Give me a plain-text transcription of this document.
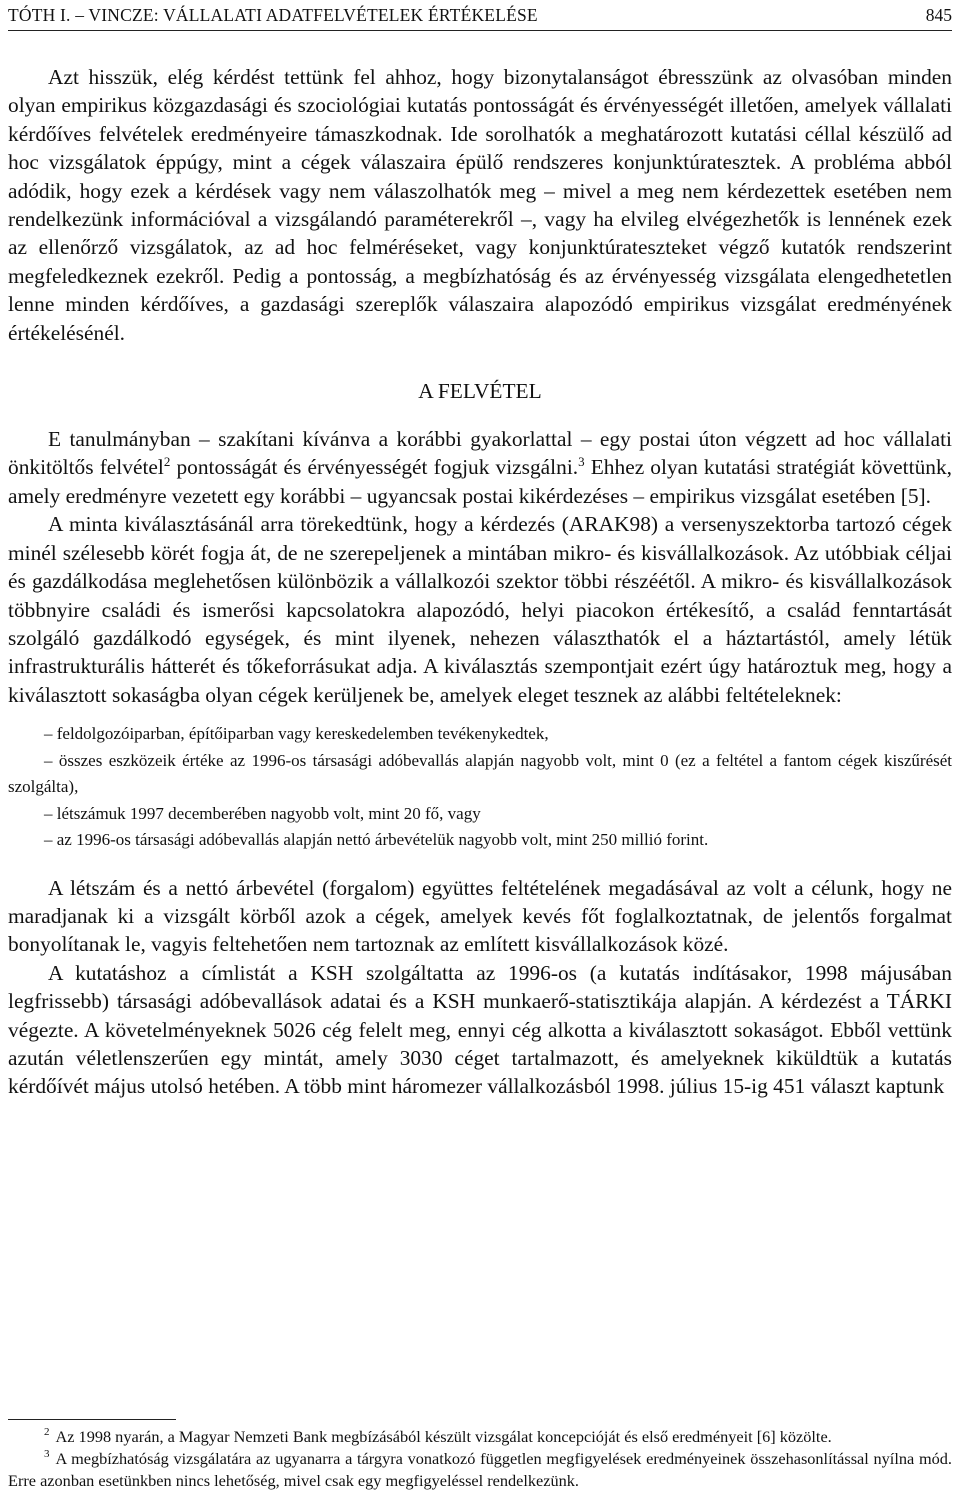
TÓTH I. – VINCZE: VÁLLALATI ADATFELVÉTELEK ÉRTÉKELÉSE	845

Azt hisszük, elég kérdést tettünk fel ahhoz, hogy bizonytalanságot ébresszünk az olvasóban minden olyan empirikus közgazdasági és szociológiai kutatás pontosságát és érvényességét illetően, amelyek vállalati kérdőíves felvételek eredményeire támaszkodnak. Ide sorolhatók a meghatározott kutatási céllal készülő ad hoc vizsgálatok éppúgy, mint a cégek válaszaira épülő rendszeres konjunktúratesztek. A probléma abból adódik, hogy ezek a kérdések vagy nem válaszolhatók meg – mivel a meg nem kérdezettek esetében nem rendelkezünk információval a vizsgálandó paraméterekről –, vagy ha elvileg elvégezhetők is lennének ezek az ellenőrző vizsgálatok, az ad hoc felméréseket, vagy konjunktúrateszteket végző kutatók rendszerint megfeledkeznek ezekről. Pedig a pontosság, a megbízhatóság és az érvényesség vizsgálata elengedhetetlen lenne minden kérdőíves, a gazdasági szereplők válaszaira alapozódó empirikus vizsgálat eredményének értékelésénél.

A FELVÉTEL

E tanulmányban – szakítani kívánva a korábbi gyakorlattal – egy postai úton végzett ad hoc vállalati önkitöltős felvétel$^2$ pontosságát és érvényességét fogjuk vizsgálni.$^3$ Ehhez olyan kutatási stratégiát követtünk, amely eredményre vezetett egy korábbi – ugyancsak postai kikérdezéses – empirikus vizsgálat esetében [5].

A minta kiválasztásánál arra törekedtünk, hogy a kérdezés (ARAK98) a versenyszektorba tartozó cégek minél szélesebb körét fogja át, de ne szerepeljenek a mintában mikro- és kisvállalkozások. Az utóbbiak céljai és gazdálkodása meglehetősen különbözik a vállalkozói szektor többi részéétől. A mikro- és kisvállalkozások többnyire családi és ismerősi kapcsolatokra alapozódó, helyi piacokon értékesítő, a család fenntartását szolgáló gazdálkodó egységek, és mint ilyenek, nehezen választhatók el a háztartástól, amely létük infrastrukturális hátterét és tőkeforrásukat adja. A kiválasztás szempontjait ezért úgy határoztuk meg, hogy a kiválasztott sokaságba olyan cégek kerüljenek be, amelyek eleget tesznek az alábbi feltételeknek:

– feldolgozóiparban, építőiparban vagy kereskedelemben tevékenykedtek,
– összes eszközeik értéke az 1996-os társasági adóbevallás alapján nagyobb volt, mint 0 (ez a feltétel a fantom cégek kiszűrését szolgálta),
– létszámuk 1997 decemberében nagyobb volt, mint 20 fő, vagy
– az 1996-os társasági adóbevallás alapján nettó árbevételük nagyobb volt, mint 250 millió forint.

A létszám és a nettó árbevétel (forgalom) együttes feltételének megadásával az volt a célunk, hogy ne maradjanak ki a vizsgált körből azok a cégek, amelyek kevés főt foglalkoztatnak, de jelentős forgalmat bonyolítanak le, vagyis feltehetően nem tartoznak az említett kisvállalkozások közé.

A kutatáshoz a címlistát a KSH szolgáltatta az 1996-os (a kutatás indításakor, 1998 májusában legfrissebb) társasági adóbevallások adatai és a KSH munkaerő-statisztikája alapján. A kérdezést a TÁRKI végezte. A követelményeknek 5026 cég felelt meg, ennyi cég alkotta a kiválasztott sokaságot. Ebből vettünk azután véletlenszerűen egy mintát, amely 3030 céget tartalmazott, és amelyeknek kiküldtük a kutatás kérdőívét május utolsó hetében. A több mint háromezer vállalkozásból 1998. július 15-ig 451 választ kaptunk

$^2$ Az 1998 nyarán, a Magyar Nemzeti Bank megbízásából készült vizsgálat koncepcióját és első eredményeit [6] közölte.

$^3$ A megbízhatóság vizsgálatára az ugyanarra a tárgyra vonatkozó független megfigyelések eredményeinek összehasonlítással nyílna mód. Erre azonban esetünkben nincs lehetőség, mivel csak egy megfigyeléssel rendelkezünk.
